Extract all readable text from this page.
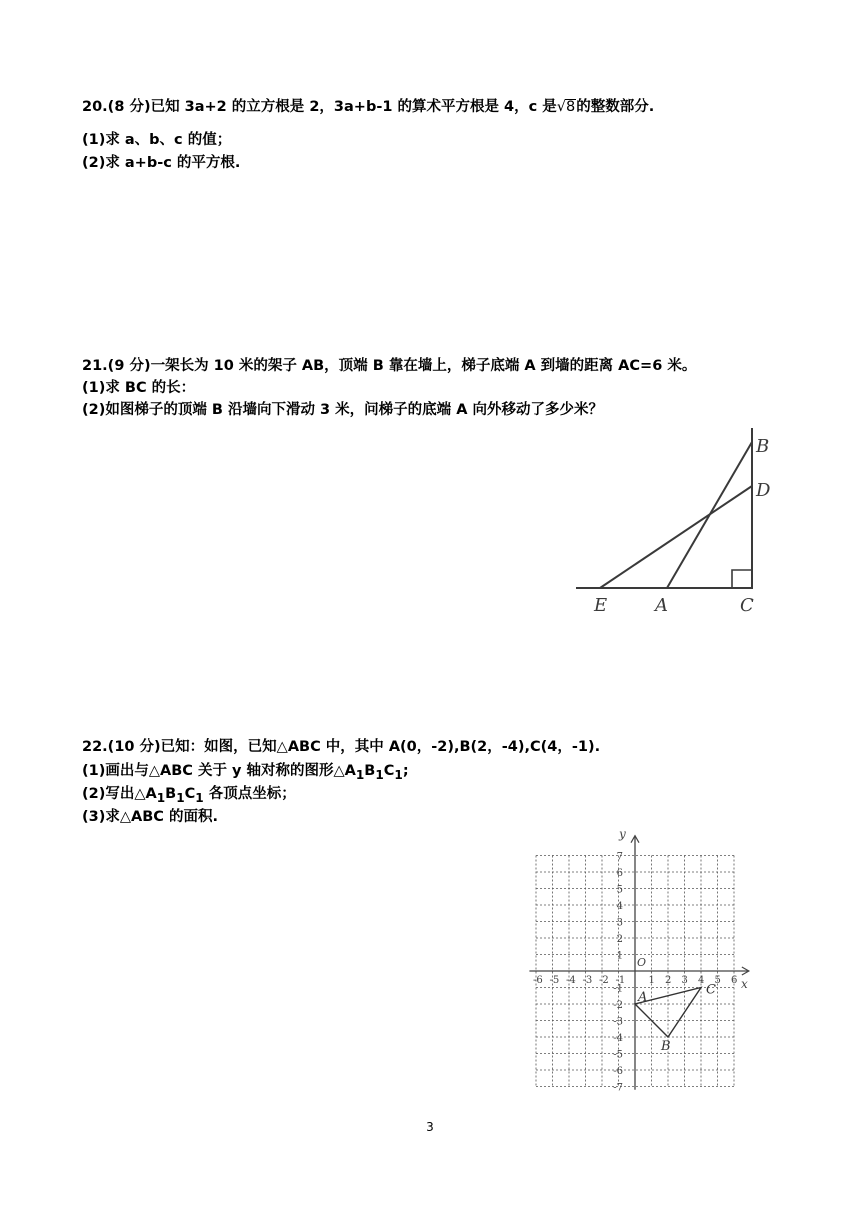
20.(8 分)已知 3a+2 的立方根是 2，3a+b-1 的算术平方根是 4，c 是√8的整数部分.
(1)求 a、b、c 的值；
(2)求 a+b-c 的平方根.
21.(9 分)一架长为 10 米的架子 AB，顶端 B 靠在墙上，梯子底端 A 到墙的距离 AC=6 米。
(1)求 BC 的长：
(2)如图梯子的顶端 B 沿墙向下滑动 3 米，问梯子的底端 A 向外移动了多少米？
B
D
E	A	C
22.(10 分)已知：如图，已知△ABC 中，其中 A(0，-2),B(2，-4),C(4，-1).
(1)画出与△ABC 关于 y 轴对称的图形$\triangle A_1B_1C_1$;
(2)写出$\triangle A_1B_1C_1$ 各顶点坐标；
(3)求△ABC 的面积.
-6 -5 -4 -3 -2 -1 1 2 3 4 5 6
7
6
5
4
3
2
1
-1
-2
-3
-4
-5
-6
-7
A
B
C x
y
O
3
